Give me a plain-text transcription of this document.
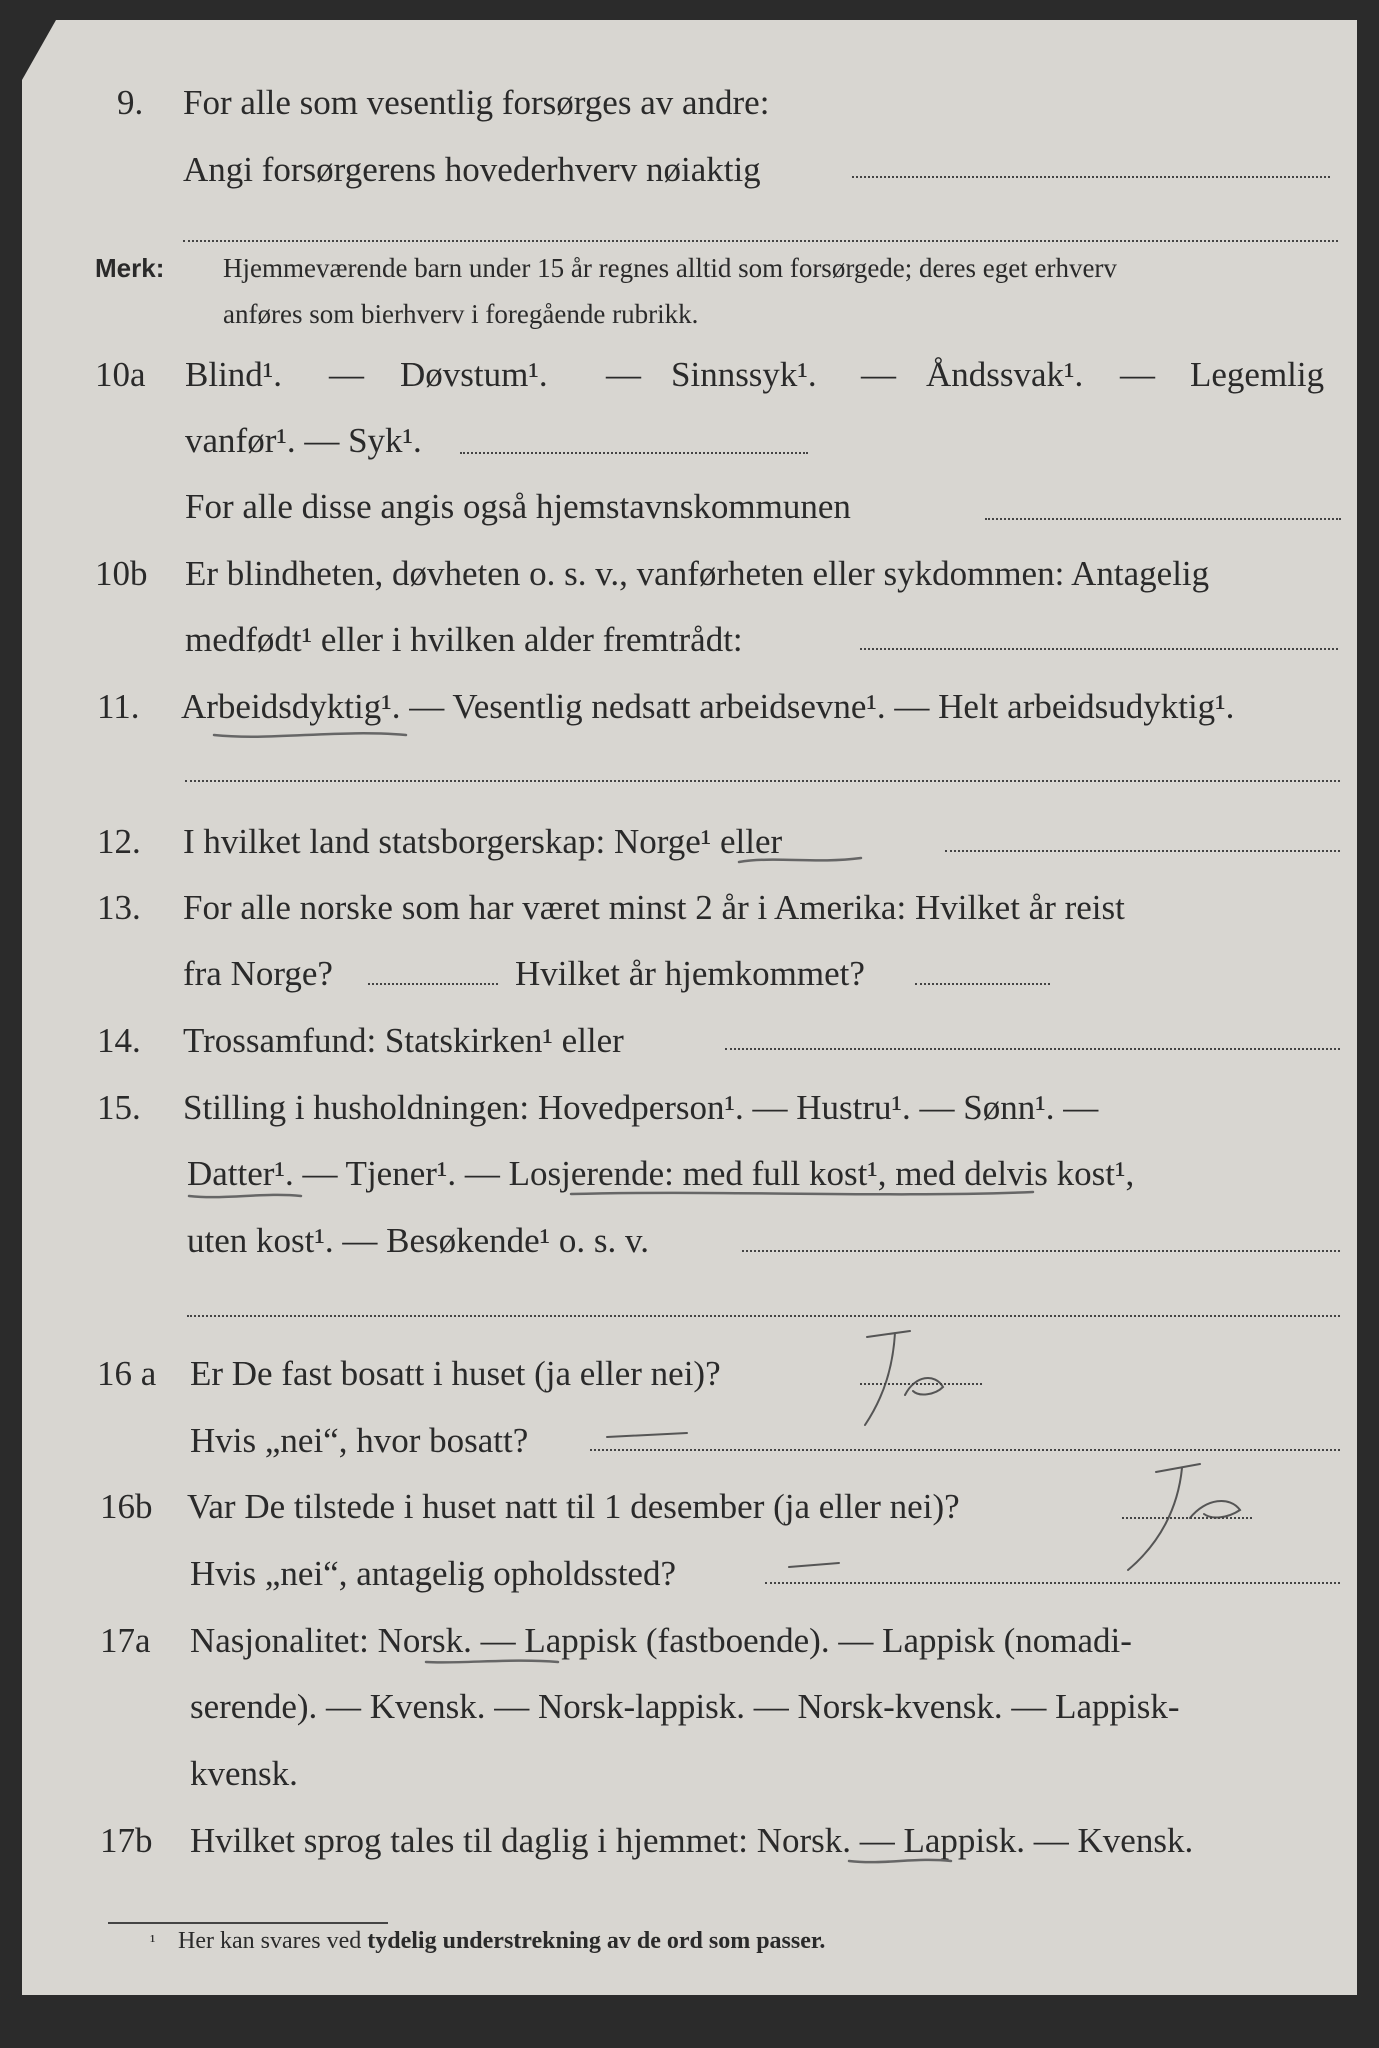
9. For alle som vesentlig forsørges av andre:
Angi forsørgerens hovederhverv nøiaktig
Merk: Hjemmeværende barn under 15 år regnes alltid som forsørgede; deres eget erhverv
anføres som bierhverv i foregående rubrikk.
10a Blind¹. — Døvstum¹. — Sinnssyk¹. — Åndssvak¹. — Legemlig
vanfør¹. — Syk¹.
For alle disse angis også hjemstavnskommunen
10b Er blindheten, døvheten o. s. v., vanførheten eller sykdommen: Antagelig
medfødt¹ eller i hvilken alder fremtrådt:
11. Arbeidsdyktig¹. — Vesentlig nedsatt arbeidsevne¹. — Helt arbeidsudyktig¹.
12. I hvilket land statsborgerskap: Norge¹ eller
13. For alle norske som har været minst 2 år i Amerika: Hvilket år reist
fra Norge?	Hvilket år hjemkommet?
14. Trossamfund: Statskirken¹ eller
15. Stilling i husholdningen: Hovedperson¹. — Hustru¹. — Sønn¹. —
Datter¹. — Tjener¹. — Losjerende: med full kost¹, med delvis kost¹,
uten kost¹. — Besøkende¹ o. s. v.
16 a Er De fast bosatt i huset (ja eller nei)?
Hvis „nei“, hvor bosatt?
16b Var De tilstede i huset natt til 1 desember (ja eller nei)?
Hvis „nei“, antagelig opholdssted?
17a Nasjonalitet: Norsk. — Lappisk (fastboende). — Lappisk (nomadi-
serende). — Kvensk. — Norsk-lappisk. — Norsk-kvensk. — Lappisk-
kvensk.
17b Hvilket sprog tales til daglig i hjemmet: Norsk. — Lappisk. — Kvensk.
¹ Her kan svares ved tydelig understrekning av de ord som passer.
